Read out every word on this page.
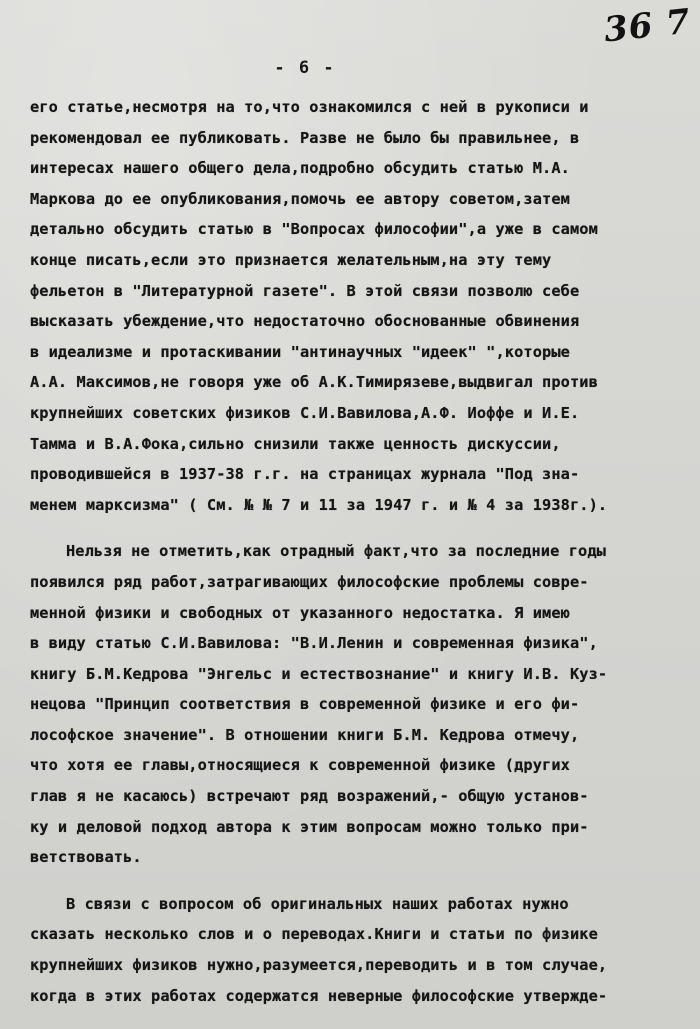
36 7
- 6 -
его статье,несмотря на то,что ознакомился с ней в рукописи и
рекомендовал ее публиковать. Разве не было бы правильнее, в
интересах нашего общего дела,подробно обсудить статью М.А.
Маркова до ее опубликования,помочь ее автору советом,затем
детально обсудить статью в "Вопросах философии",а уже в самом
конце писать,если это признается желательным,на эту тему
фельетон в "Литературной газете". В этой связи позволю себе
высказать убеждение,что недостаточно обоснованные обвинения
в идеализме и протаскивании "антинаучных "идеек" ",которые
А.А. Максимов,не говоря уже об А.К.Тимирязеве,выдвигал против
крупнейших советских физиков С.И.Вавилова,А.Ф. Иоффе и И.Е.
Тамма и В.А.Фока,сильно снизили также ценность дискуссии,
проводившейся в 1937-38 г.г. на страницах журнала "Под зна-
менем марксизма" ( См. № № 7 и 11 за 1947 г. и № 4 за 1938г.).
Нельзя не отметить,как отрадный факт,что за последние годы
появился ряд работ,затрагивающих философские проблемы совре-
менной физики и свободных от указанного недостатка. Я имею
в виду статью С.И.Вавилова: "В.И.Ленин и современная физика",
книгу Б.М.Кедрова "Энгельс и естествознание" и книгу И.В. Куз-
нецова "Принцип соответствия в современной физике и его фи-
лософское значение". В отношении книги Б.М. Кедрова отмечу,
что хотя ее главы,относящиеся к современной физике (других
глав я не касаюсь) встречают ряд возражений,- общую установ-
ку и деловой подход автора к этим вопросам можно только при-
ветствовать.
В связи с вопросом об оригинальных наших работах нужно
сказать несколько слов и о переводах.Книги и статьи по физике
крупнейших физиков нужно,разумеется,переводить и в том случае,
когда в этих работах содержатся неверные философские утвержде-
